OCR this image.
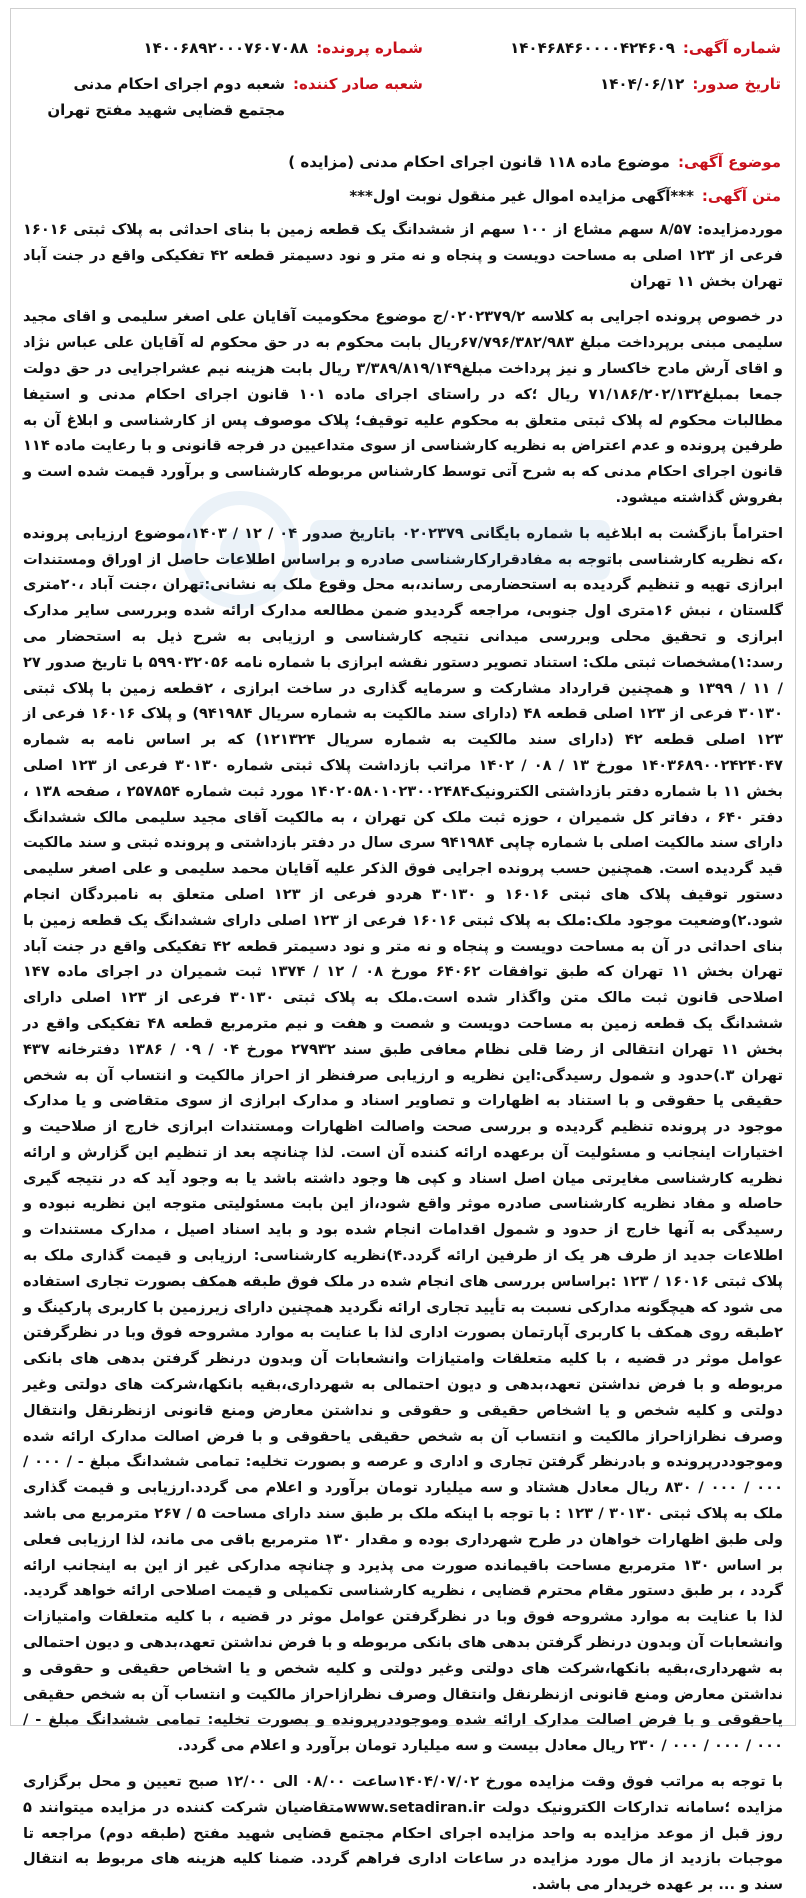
شماره آگهی:
۱۴۰۴۶۸۴۶۰۰۰۰۴۲۴۶۰۹
شماره پرونده:
۱۴۰۰۶۸۹۲۰۰۰۷۶۰۷۰۸۸
تاریخ صدور:
۱۴۰۴/۰۶/۱۲
شعبه صادر کننده:
شعبه دوم اجرای احکام مدنی مجتمع قضایی شهید مفتح تهران
موضوع آگهی:
موضوع ماده ۱۱۸ قانون اجرای احکام مدنی (مزایده )
متن آگهی:
***آگهی مزایده اموال غیر منقول نوبت اول***

موردمزایده: ۸/۵۷ سهم مشاع از ۱۰۰ سهم از ششدانگ یک قطعه زمین با بنای احداثی به پلاک ثبتی ۱۶۰۱۶ فرعی از ۱۲۳ اصلی به مساحت دویست و پنجاه و نه متر و نود دسیمتر قطعه ۴۲ تفکیکی واقع در جنت آباد تهران بخش ۱۱ تهران

در خصوص پرونده اجرایی به کلاسه ۰۲۰۲۳۷۹/۲/ج موضوع محکومیت آقایان علی اصغر سلیمی و اقای مجید سلیمی مبنی برپرداخت مبلغ ۶۷/۷۹۶/۳۸۲/۹۸۳ریال بابت محکوم به در حق محکوم له آقایان علی عباس نژاد و اقای آرش مادح خاکسار و نیز پرداخت مبلغ۳/۳۸۹/۸۱۹/۱۴۹ ریال بابت هزینه نیم عشراجرایی در حق دولت جمعا بمبلغ۷۱/۱۸۶/۲۰۲/۱۳۲ ریال ؛که در راستای اجرای ماده ۱۰۱ قانون اجرای احکام مدنی و استیفا مطالبات محکوم له پلاک ثبتی متعلق به محکوم علیه توقیف؛ پلاک موصوف پس از کارشناسی و ابلاغ آن به طرفین پرونده و عدم اعتراض به نظریه کارشناسی از سوی متداعیین در فرجه قانونی و با رعایت ماده ۱۱۴ قانون اجرای احکام مدنی که به شرح آتی توسط کارشناس مربوطه کارشناسی و برآورد قیمت شده است و بفروش گذاشته میشود.

احتراماً بازگشت به ابلاغیه با شماره بایگانی ۰۲۰۲۳۷۹ باتاریخ صدور ۰۴ / ۱۲ / ۱۴۰۳،موضوع ارزیابی پرونده ،که نظریه کارشناسی باتوجه به مفادقرارکارشناسی صادره و براساس اطلاعات حاصل از اوراق ومستندات ابرازی تهیه و تنظیم گردیده به استحضارمی رساند،به محل وقوع ملک به نشانی:تهران ،جنت آباد ،۲۰متری گلستان ، نبش ۱۶متری اول جنوبی، مراجعه گردیدو ضمن مطالعه مدارک ارائه شده وبررسی سایر مدارک ابرازی و تحقیق محلی وبررسی میدانی نتیجه کارشناسی و ارزیابی به شرح ذیل به استحضار می رسد:۱)مشخصات ثبتی ملک: استناد تصویر دستور نقشه ابرازی با شماره نامه ۵۹۹۰۳۲۰۵۶ با تاریخ صدور ۲۷ / ۱۱ / ۱۳۹۹ و همچنین قرارداد مشارکت و سرمایه گذاری در ساخت ابرازی ، ۲قطعه زمین با پلاک ثبتی ۳۰۱۳۰ فرعی از ۱۲۳ اصلی قطعه ۴۸ (دارای سند مالکیت به شماره سریال ۹۴۱۹۸۴) و پلاک ۱۶۰۱۶ فرعی از ۱۲۳ اصلی قطعه ۴۲ (دارای سند مالکیت به شماره سریال ۱۲۱۳۲۴) که بر اساس نامه به شماره ۱۴۰۳۶۸۹۰۰۲۴۲۴۰۴۷ مورخ ۱۳ / ۰۸ / ۱۴۰۲ مراتب بازداشت پلاک ثبتی شماره ۳۰۱۳۰ فرعی از ۱۲۳ اصلی بخش ۱۱ با شماره دفتر بازداشتی الکترونیک۱۴۰۲۰۵۸۰۱۰۲۳۰۰۲۴۸۴ مورد ثبت شماره ۲۵۷۸۵۴ ، صفحه ۱۳۸ ، دفتر ۶۴۰ ، دفاتر کل شمیران ، حوزه ثبت ملک کن تهران ، به مالکیت آقای مجید سلیمی مالک ششدانگ دارای سند مالکیت اصلی با شماره چاپی ۹۴۱۹۸۴ سری سال در دفتر بازداشتی و پرونده ثبتی و سند مالکیت قید گردیده است. همچنین حسب پرونده اجرایی فوق الذکر علیه آقایان محمد سلیمی و علی اصغر سلیمی دستور توقیف پلاک های ثبتی ۱۶۰۱۶ و ۳۰۱۳۰ هردو فرعی از ۱۲۳ اصلی متعلق به نامبردگان انجام شود.۲)وضعیت موجود ملک:ملک به پلاک ثبتی ۱۶۰۱۶ فرعی از ۱۲۳ اصلی دارای ششدانگ یک قطعه زمین با بنای احداثی در آن به مساحت دویست و پنجاه و نه متر و نود دسیمتر قطعه ۴۲ تفکیکی واقع در جنت آباد تهران بخش ۱۱ تهران که طبق توافقات ۶۴۰۶۲ مورخ ۰۸ / ۱۲ / ۱۳۷۴ ثبت شمیران در اجرای ماده ۱۴۷ اصلاحی قانون ثبت مالک متن واگذار شده است.ملک به پلاک ثبتی ۳۰۱۳۰ فرعی از ۱۲۳ اصلی دارای ششدانگ یک قطعه زمین به مساحت دویست و شصت و هفت و نیم مترمربع قطعه ۴۸ تفکیکی واقع در بخش ۱۱ تهران انتقالی از رضا قلی نظام معافی طبق سند ۲۷۹۳۲ مورخ ۰۴ / ۰۹ / ۱۳۸۶ دفترخانه ۴۳۷ تهران ۳.)حدود و شمول رسیدگی:این نظریه و ارزیابی صرفنظر از احراز مالکیت و انتساب آن به شخص حقیقی یا حقوقی و با استناد به اظهارات و تصاویر اسناد و مدارک ابرازی از سوی متقاضی و یا مدارک موجود در پرونده تنظیم گردیده و بررسی صحت واصالت اظهارات ومستندات ابرازی خارج از صلاحیت و اختیارات اینجانب و مسئولیت آن برعهده ارائه کننده آن است. لذا چنانچه بعد از تنظیم این گزارش و ارائه نظریه کارشناسی مغایرتی میان اصل اسناد و کپی ها وجود داشته باشد یا به وجود آید که در نتیجه گیری حاصله و مفاد نظریه کارشناسی صادره موثر واقع شود،از این بابت مسئولیتی متوجه این نظریه نبوده و رسیدگی به آنها خارج از حدود و شمول اقدامات انجام شده بود و باید اسناد اصیل ، مدارک مستندات و اطلاعات جدید از طرف هر یک از طرفین ارائه گردد.۴)نظریه کارشناسی: ارزیابی و قیمت گذاری ملک به پلاک ثبتی ۱۶۰۱۶ / ۱۲۳ :براساس بررسی های انجام شده در ملک فوق طبقه همکف بصورت تجاری استفاده می شود که هیچگونه مدارکی نسبت به تأیید تجاری ارائه نگردید همچنین دارای زیرزمین با کاربری پارکینگ و ۲طبقه روی همکف با کاربری آپارتمان بصورت اداری لذا با عنایت به موارد مشروحه فوق وبا در نظرگرفتن عوامل موثر در قضیه ، با کلیه متعلقات وامتیازات وانشعابات آن وبدون درنظر گرفتن بدهی های بانکی مربوطه و با فرض نداشتن تعهد،بدهی و دیون احتمالی به شهرداری،بقیه بانکها،شرکت های دولتی وغیر دولتی و کلیه شخص و یا اشخاص حقیقی و حقوقی و نداشتن معارض ومنع قانونی ازنظرنقل وانتقال وصرف نظرازاحراز مالکیت و انتساب آن به شخص حقیقی یاحقوقی و با فرض اصالت مدارک ارائه شده وموجوددرپرونده و بادرنظر گرفتن تجاری و اداری و عرصه و بصورت تخلیه: تمامی ششدانگ مبلغ - / ۰۰۰ / ۰۰۰ / ۰۰۰ / ۸۳۰ ریال معادل هشتاد و سه میلیارد تومان برآورد و اعلام می گردد.ارزیابی و قیمت گذاری ملک به پلاک ثبتی ۳۰۱۳۰ / ۱۲۳ : با توجه با اینکه ملک بر طبق سند دارای مساحت ۵ / ۲۶۷ مترمربع می باشد ولی طبق اظهارات خواهان در طرح شهرداری بوده و مقدار ۱۳۰ مترمربع باقی می ماند، لذا ارزیابی فعلی بر اساس ۱۳۰ مترمربع مساحت باقیمانده صورت می پذیرد و چنانچه مدارکی غیر از این به اینجانب ارائه گردد ، بر طبق دستور مقام محترم قضایی ، نظریه کارشناسی تکمیلی و قیمت اصلاحی ارائه خواهد گردید. لذا با عنایت به موارد مشروحه فوق وبا در نظرگرفتن عوامل موثر در قضیه ، با کلیه متعلقات وامتیازات وانشعابات آن وبدون درنظر گرفتن بدهی های بانکی مربوطه و با فرض نداشتن تعهد،بدهی و دیون احتمالی به شهرداری،بقیه بانکها،شرکت های دولتی وغیر دولتی و کلیه شخص و یا اشخاص حقیقی و حقوقی و نداشتن معارض ومنع قانونی ازنظرنقل وانتقال وصرف نظرازاحراز مالکیت و انتساب آن به شخص حقیقی یاحقوقی و با فرض اصالت مدارک ارائه شده وموجوددرپرونده و بصورت تخلیه: تمامی ششدانگ مبلغ - / ۰۰۰ / ۰۰۰ / ۰۰۰ / ۲۳۰ ریال معادل بیست و سه میلیارد تومان برآورد و اعلام می گردد.

با توجه به مراتب فوق وقت مزایده مورخ ۱۴۰۴/۰۷/۰۲ساعت ۰۸/۰۰ الی ۱۲/۰۰ صبح تعیین و محل برگزاری مزایده ؛سامانه تدارکات الکترونیک دولت www.setadiran.irمتقاضیان شرکت کننده در مزایده میتوانند ۵ روز قبل از موعد مزایده به واحد مزایده اجرای احکام مجتمع قضایی شهید مفتح (طبقه دوم) مراجعه تا موجبات بازدید از مال مورد مزایده در ساعات اداری فراهم گردد. ضمنا کلیه هزینه های مربوط به انتقال سند و ... بر عهده خریدار می باشد.
